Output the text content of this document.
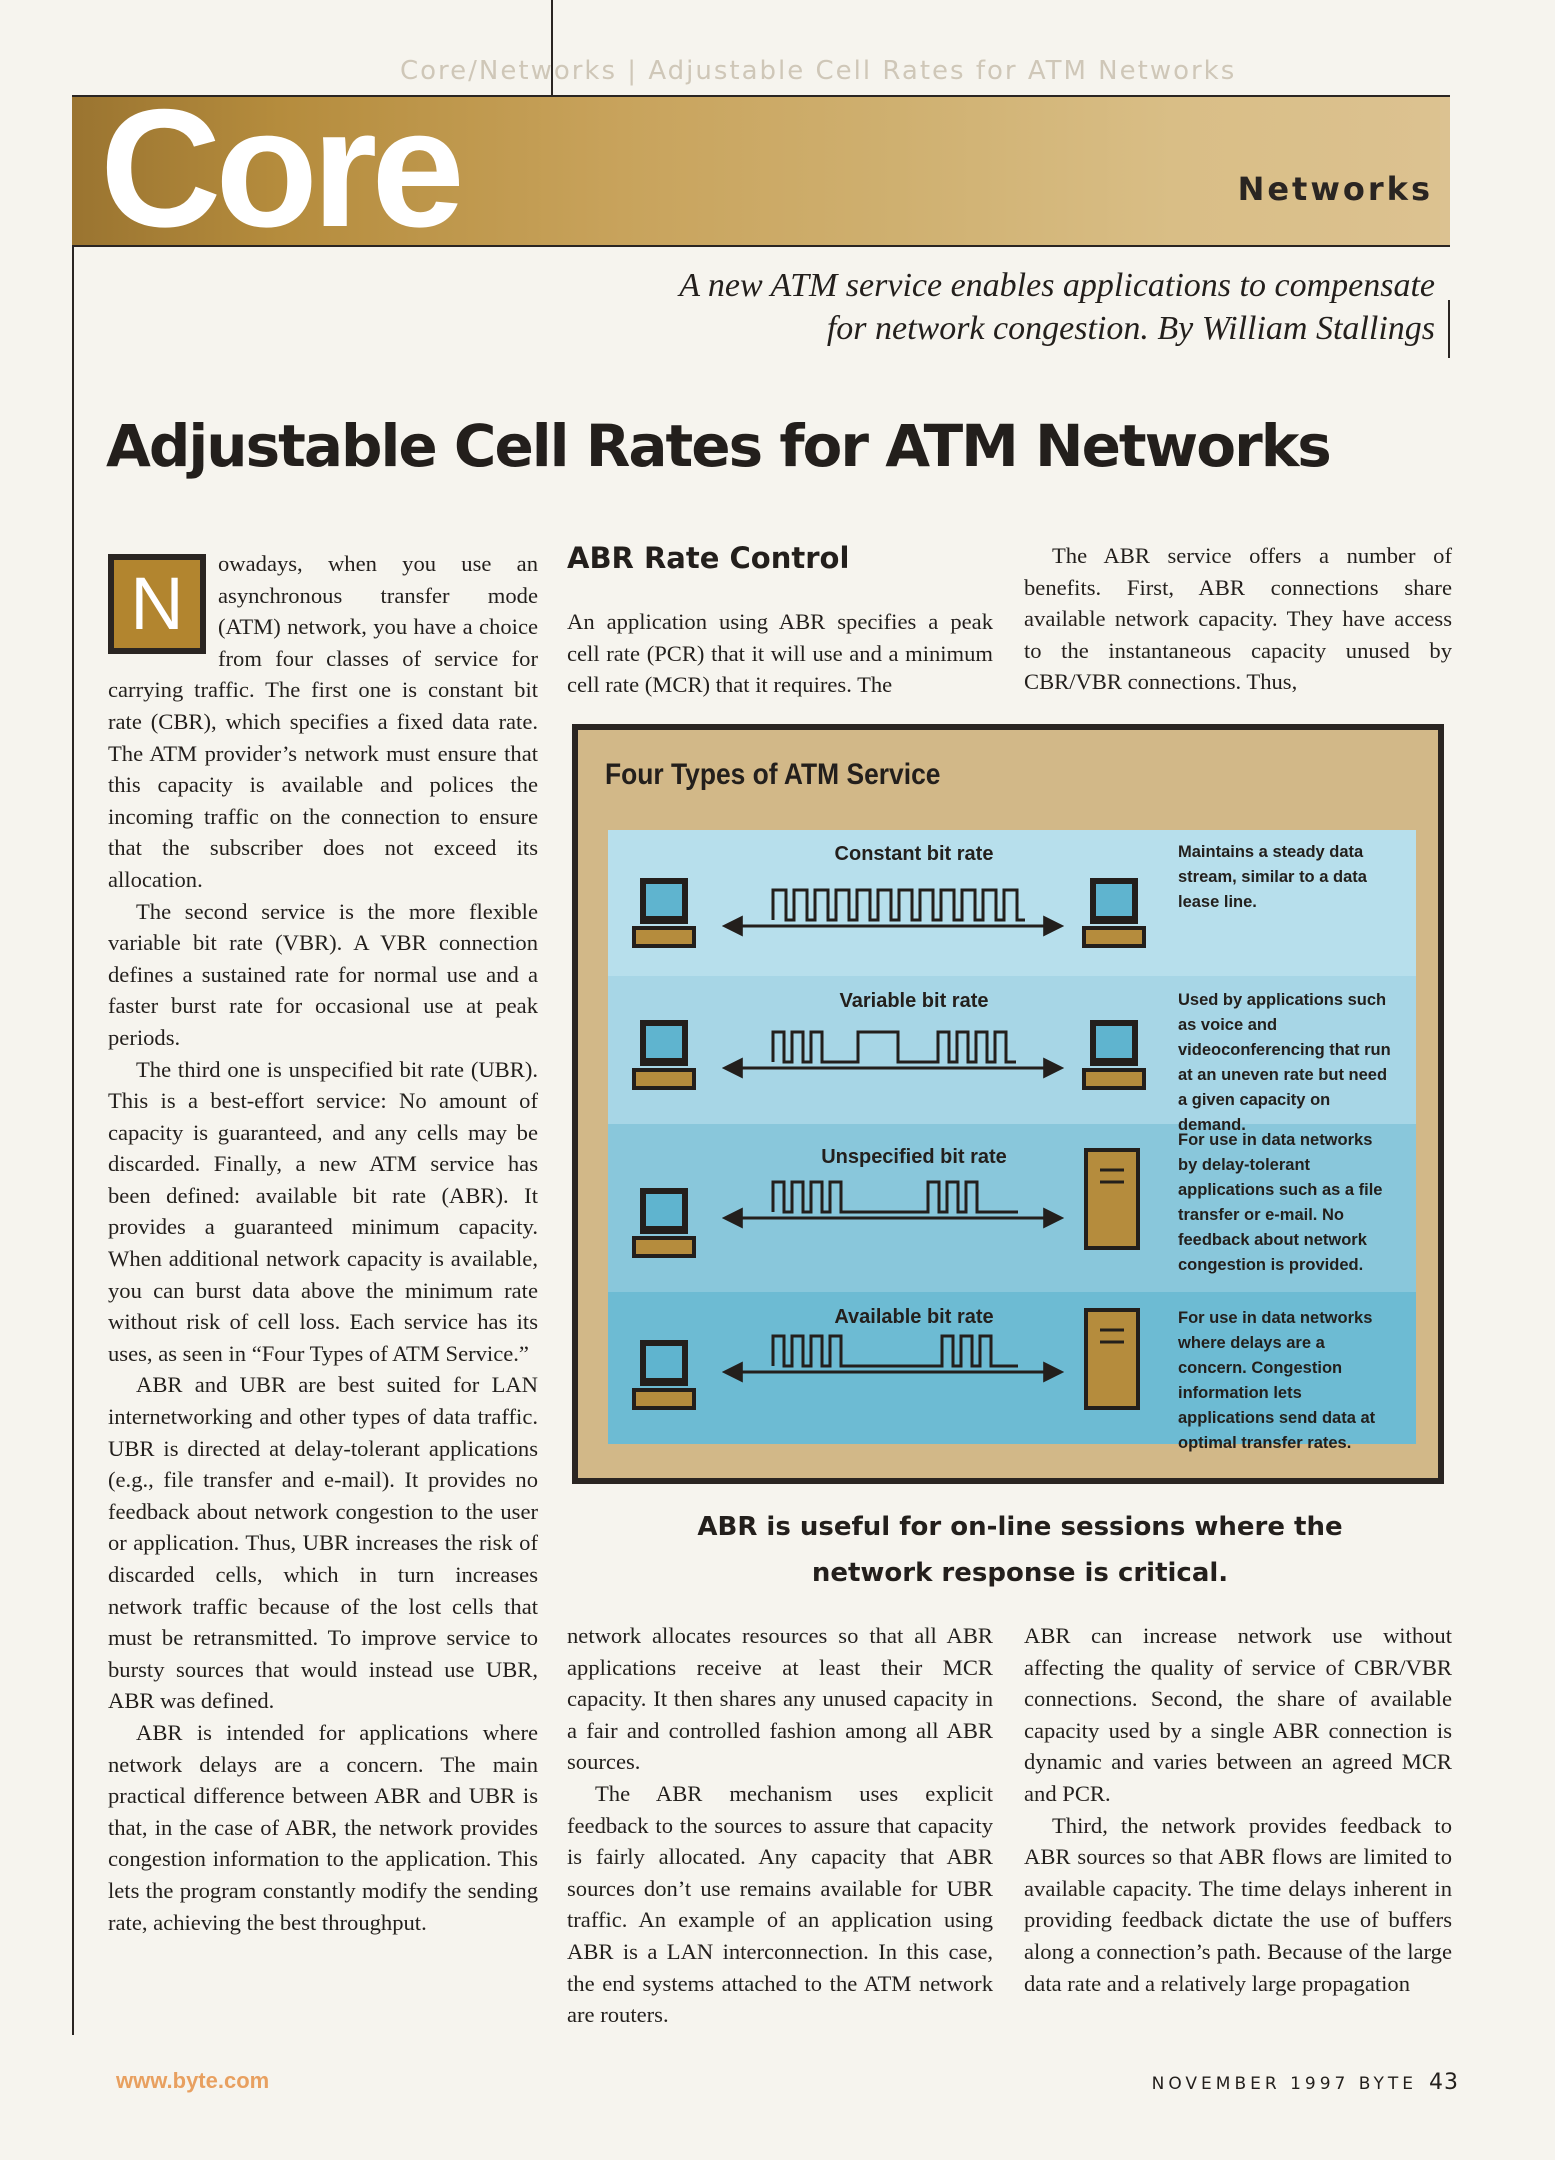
Core/Networks | Adjustable Cell Rates for ATM Networks
Core	Networks
A new ATM service enables applications to compensate
for network congestion. By William Stallings
Adjustable Cell Rates for ATM Networks
N	owadays, when you use an asynchronous transfer mode (ATM) network, you have a choice from four classes of service for carrying traffic. The first one is constant bit rate (CBR), which specifies a fixed data rate. The ATM provider’s network must ensure that this capacity is available and polices the incoming traffic on the connection to ensure that the subscriber does not exceed its allocation.

The second service is the more flexible variable bit rate (VBR). A VBR connection defines a sustained rate for normal use and a faster burst rate for occasional use at peak periods.

The third one is unspecified bit rate (UBR). This is a best-effort service: No amount of capacity is guaranteed, and any cells may be discarded. Finally, a new ATM service has been defined: available bit rate (ABR). It provides a guaranteed minimum capacity. When additional network capacity is available, you can burst data above the minimum rate without risk of cell loss. Each service has its uses, as seen in “Four Types of ATM Service.”

ABR and UBR are best suited for LAN internetworking and other types of data traffic. UBR is directed at delay-tolerant applications (e.g., file transfer and e-mail). It provides no feedback about network congestion to the user or application. Thus, UBR increases the risk of discarded cells, which in turn increases network traffic because of the lost cells that must be retransmitted. To improve service to bursty sources that would instead use UBR, ABR was defined.

ABR is intended for applications where network delays are a concern. The main practical difference between ABR and UBR is that, in the case of ABR, the network provides congestion information to the application. This lets the program constantly modify the sending rate, achieving the best throughput.

ABR Rate Control

An application using ABR specifies a peak cell rate (PCR) that it will use and a minimum cell rate (MCR) that it requires. The

network allocates resources so that all ABR applications receive at least their MCR capacity. It then shares any unused capacity in a fair and controlled fashion among all ABR sources.

The ABR mechanism uses explicit feedback to the sources to assure that capacity is fairly allocated. Any capacity that ABR sources don’t use remains available for UBR traffic. An example of an application using ABR is a LAN interconnection. In this case, the end systems attached to the ATM network are routers.

The ABR service offers a number of benefits. First, ABR connections share available network capacity. They have access to the instantaneous capacity unused by CBR/VBR connections. Thus,

ABR can increase network use without affecting the quality of service of CBR/VBR connections. Second, the share of available capacity used by a single ABR connection is dynamic and varies between an agreed MCR and PCR.

Third, the network provides feedback to ABR sources so that ABR flows are limited to available capacity. The time delays inherent in providing feedback dictate the use of buffers along a connection’s path. Because of the large data rate and a relatively large propagation

Four Types of ATM Service
Constant bit rate
Variable bit rate
Unspecified bit rate
Available bit rate
Maintains a steady data stream, similar to a data lease line.
Used by applications such as voice and videoconferencing that run at an uneven rate but need a given capacity on demand.
For use in data networks by delay-tolerant applications such as a file transfer or e-mail. No feedback about network congestion is provided.
For use in data networks where delays are a concern. Congestion information lets applications send data at optimal transfer rates.
ABR is useful for on-line sessions where the
network response is critical.
www.byte.com	NOVEMBER 1997 BYTE 43
